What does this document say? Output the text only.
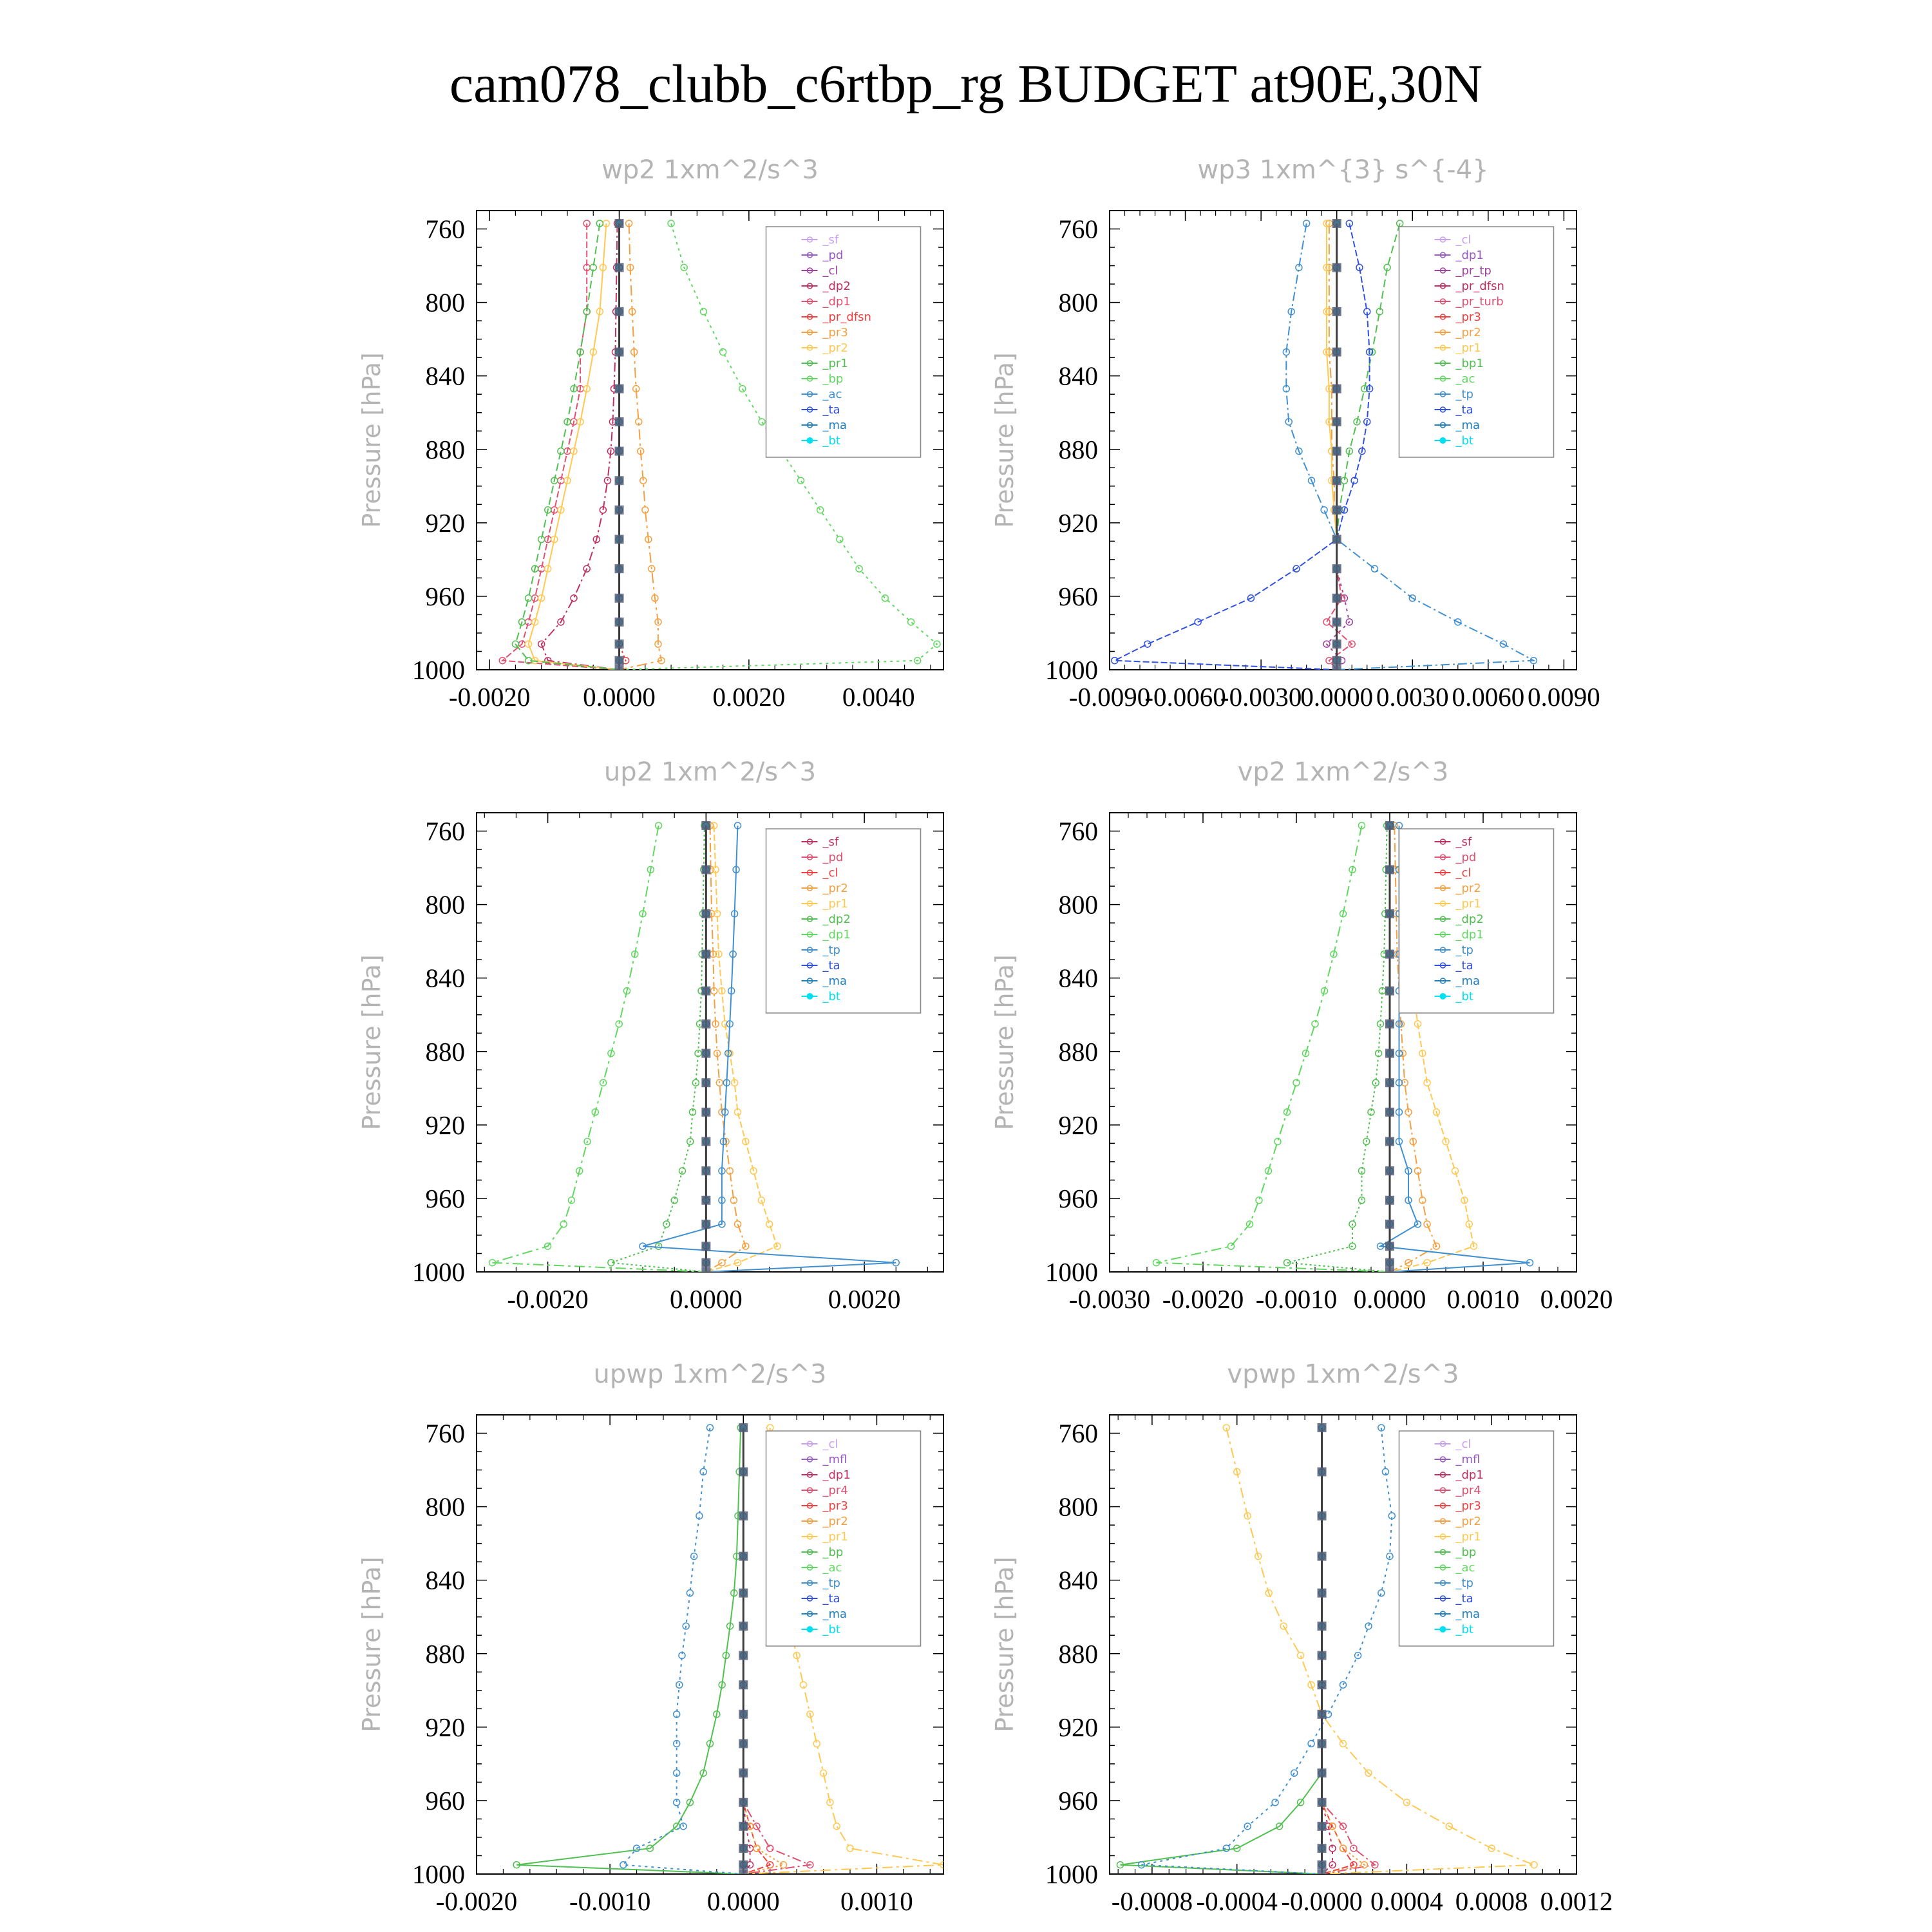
cam078_clubb_c6rtbp_rg BUDGET at90E,30N
wp2 1xm^2/s^3
Pressure [hPa]
760
800
840
880
920
960
1000
-0.0020 0.0000 0.0020 0.0040
_sf
_pd
_cl
_dp2
_dp1
_pr_dfsn
_pr3
_pr2
_pr1
_bp
_ac
_ta
_ma
_bt
wp3 1xm^{3} s^{-4}
Pressure [hPa]
760
800
840
880
920
960
1000
-0.0090
-0.0060
-0.0030
0.0000 0.0030 0.0060 0.0090
_cl
_dp1
_pr_tp
_pr_dfsn
_pr_turb
_pr3
_pr2
_pr1
_bp1
_ac
_tp
_ta
_ma
_bt
up2 1xm^2/s^3
Pressure [hPa]
760
800
840
880
920
960
1000
-0.0020	0.0000	0.0020
_sf
_pd
_cl
_pr2
_pr1
_dp2
_dp1
_tp
_ta
_ma
_bt
vp2 1xm^2/s^3
Pressure [hPa]
760
800
840
880
920
960
1000
-0.0030 -0.0020 -0.0010 0.0000 0.0010 0.0020
_sf
_pd
_cl
_pr2
_pr1
_dp2
_dp1
_tp
_ta
_ma
_bt
upwp 1xm^2/s^3
Pressure [hPa]
760
800
840
880
920
960
1000
-0.0020 -0.0010 0.0000 0.0010
_cl
_mfl
_dp1
_pr4
_pr3
_pr2
_pr1
_bp
_ac
_tp
_ta
_ma
_bt
vpwp 1xm^2/s^3
Pressure [hPa]
760
800
840
880
920
960
1000
-0.0008 -0.0004 -0.0000 0.0004 0.0008 0.0012
_cl
_mfl
_dp1
_pr4
_pr3
_pr2
_pr1
_bp
_ac
_tp
_ta
_ma
_bt
